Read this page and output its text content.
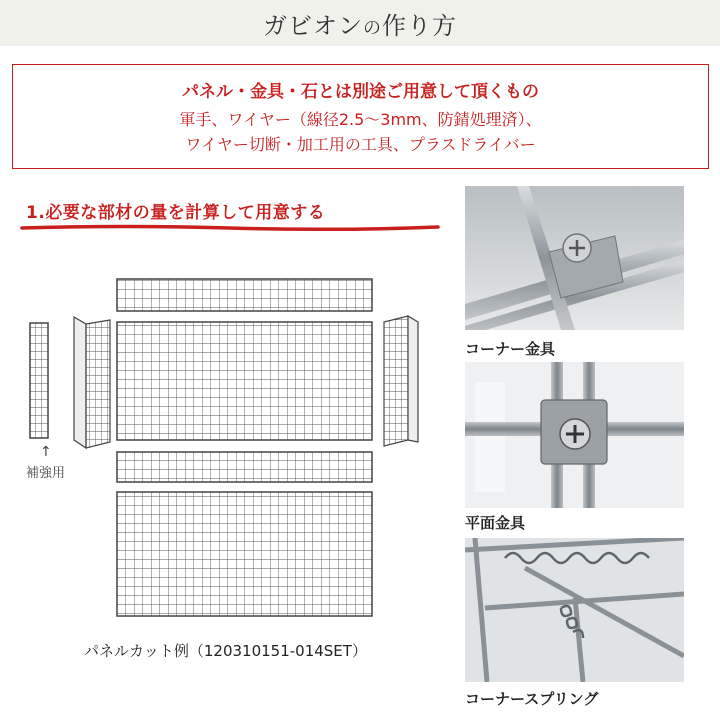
ガビオンの作り方
パネル・金具・石とは別途ご用意して頂くもの
軍手、ワイヤー（線径2.5～3mm、防錆処理済）、
ワイヤー切断・加工用の工具、プラスドライバー
1.必要な部材の量を計算して用意する
↑
補強用
パネルカット例（120310151-014SET）
コーナー金具
平面金具
コーナースプリング
